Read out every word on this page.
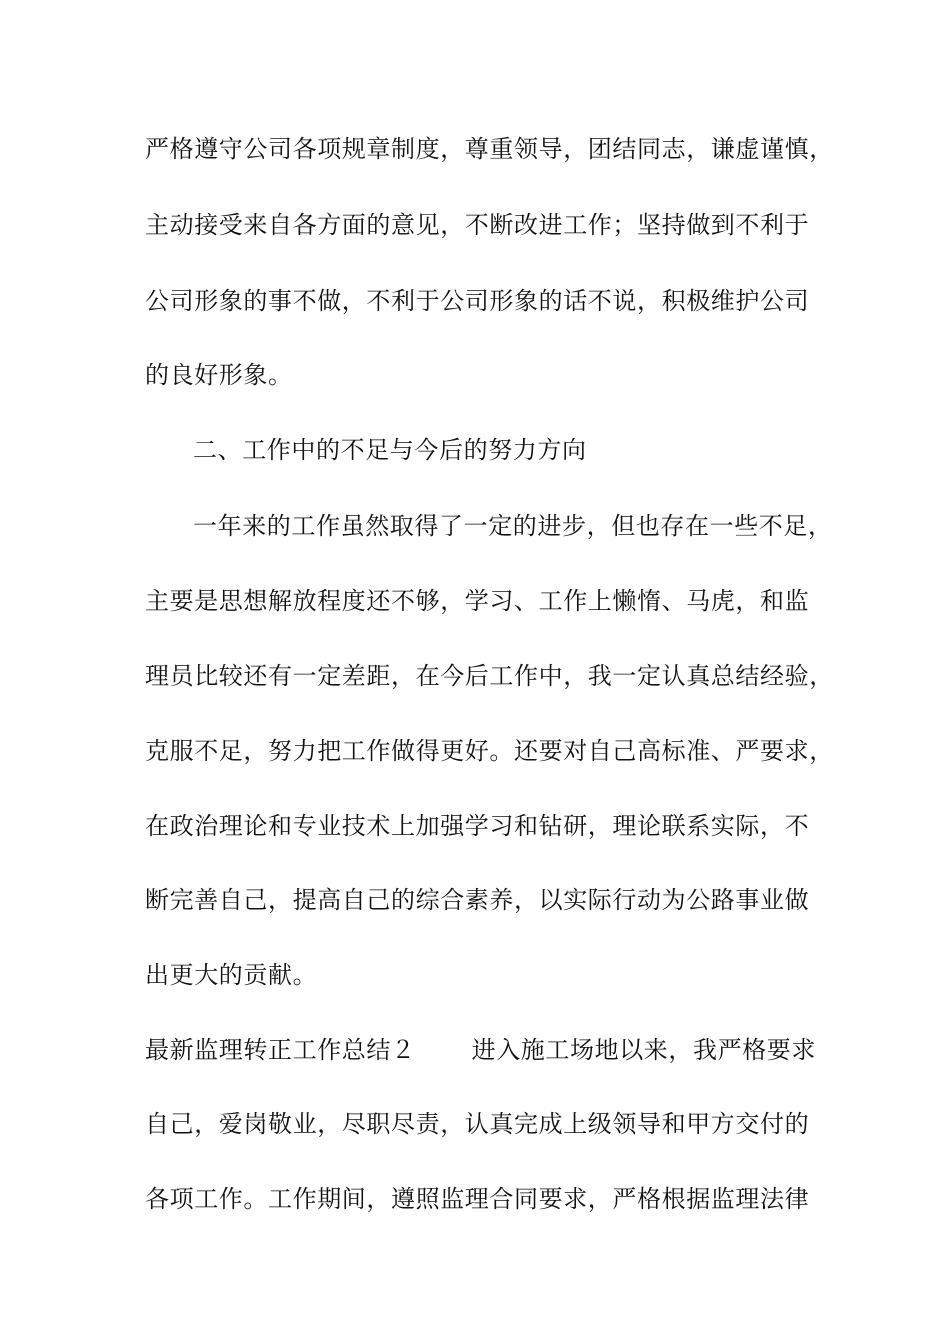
严格遵守公司各项规章制度，尊重领导，团结同志，谦虚谨慎，
主动接受来自各方面的意见，不断改进工作；坚持做到不利于
公司形象的事不做，不利于公司形象的话不说，积极维护公司
的良好形象。
二、工作中的不足与今后的努力方向
一年来的工作虽然取得了一定的进步，但也存在一些不足，
主要是思想解放程度还不够，学习、工作上懒惰、马虎，和监
理员比较还有一定差距，在今后工作中，我一定认真总结经验，
克服不足，努力把工作做得更好。还要对自己高标准、严要求，
在政治理论和专业技术上加强学习和钻研，理论联系实际，不
断完善自己，提高自己的综合素养，以实际行动为公路事业做
出更大的贡献。
最新监理转正工作总结２ 进入施工场地以来，我严格要求
自己，爱岗敬业，尽职尽责，认真完成上级领导和甲方交付的
各项工作。工作期间，遵照监理合同要求，严格根据监理法律
